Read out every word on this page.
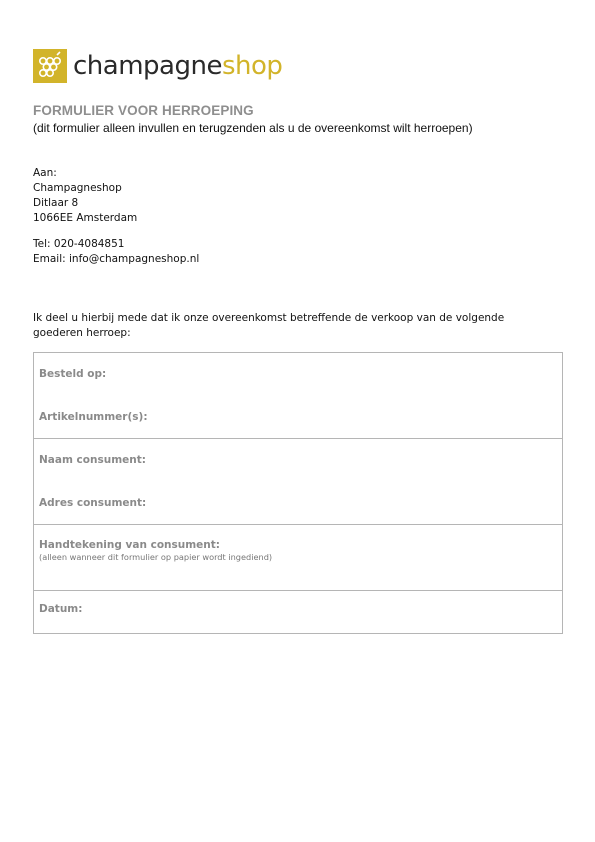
champagneshop
FORMULIER VOOR HERROEPING
(dit formulier alleen invullen en terugzenden als u de overeenkomst wilt herroepen)
Aan:
Champagneshop
Ditlaar 8
1066EE Amsterdam
Tel: 020-4084851
Email: info@champagneshop.nl
Ik deel u hierbij mede dat ik onze overeenkomst betreffende de verkoop van de volgende goederen herroep:
Besteld op:
Artikelnummer(s):
Naam consument:
Adres consument:
Handtekening van consument:
(alleen wanneer dit formulier op papier wordt ingediend)
Datum:
